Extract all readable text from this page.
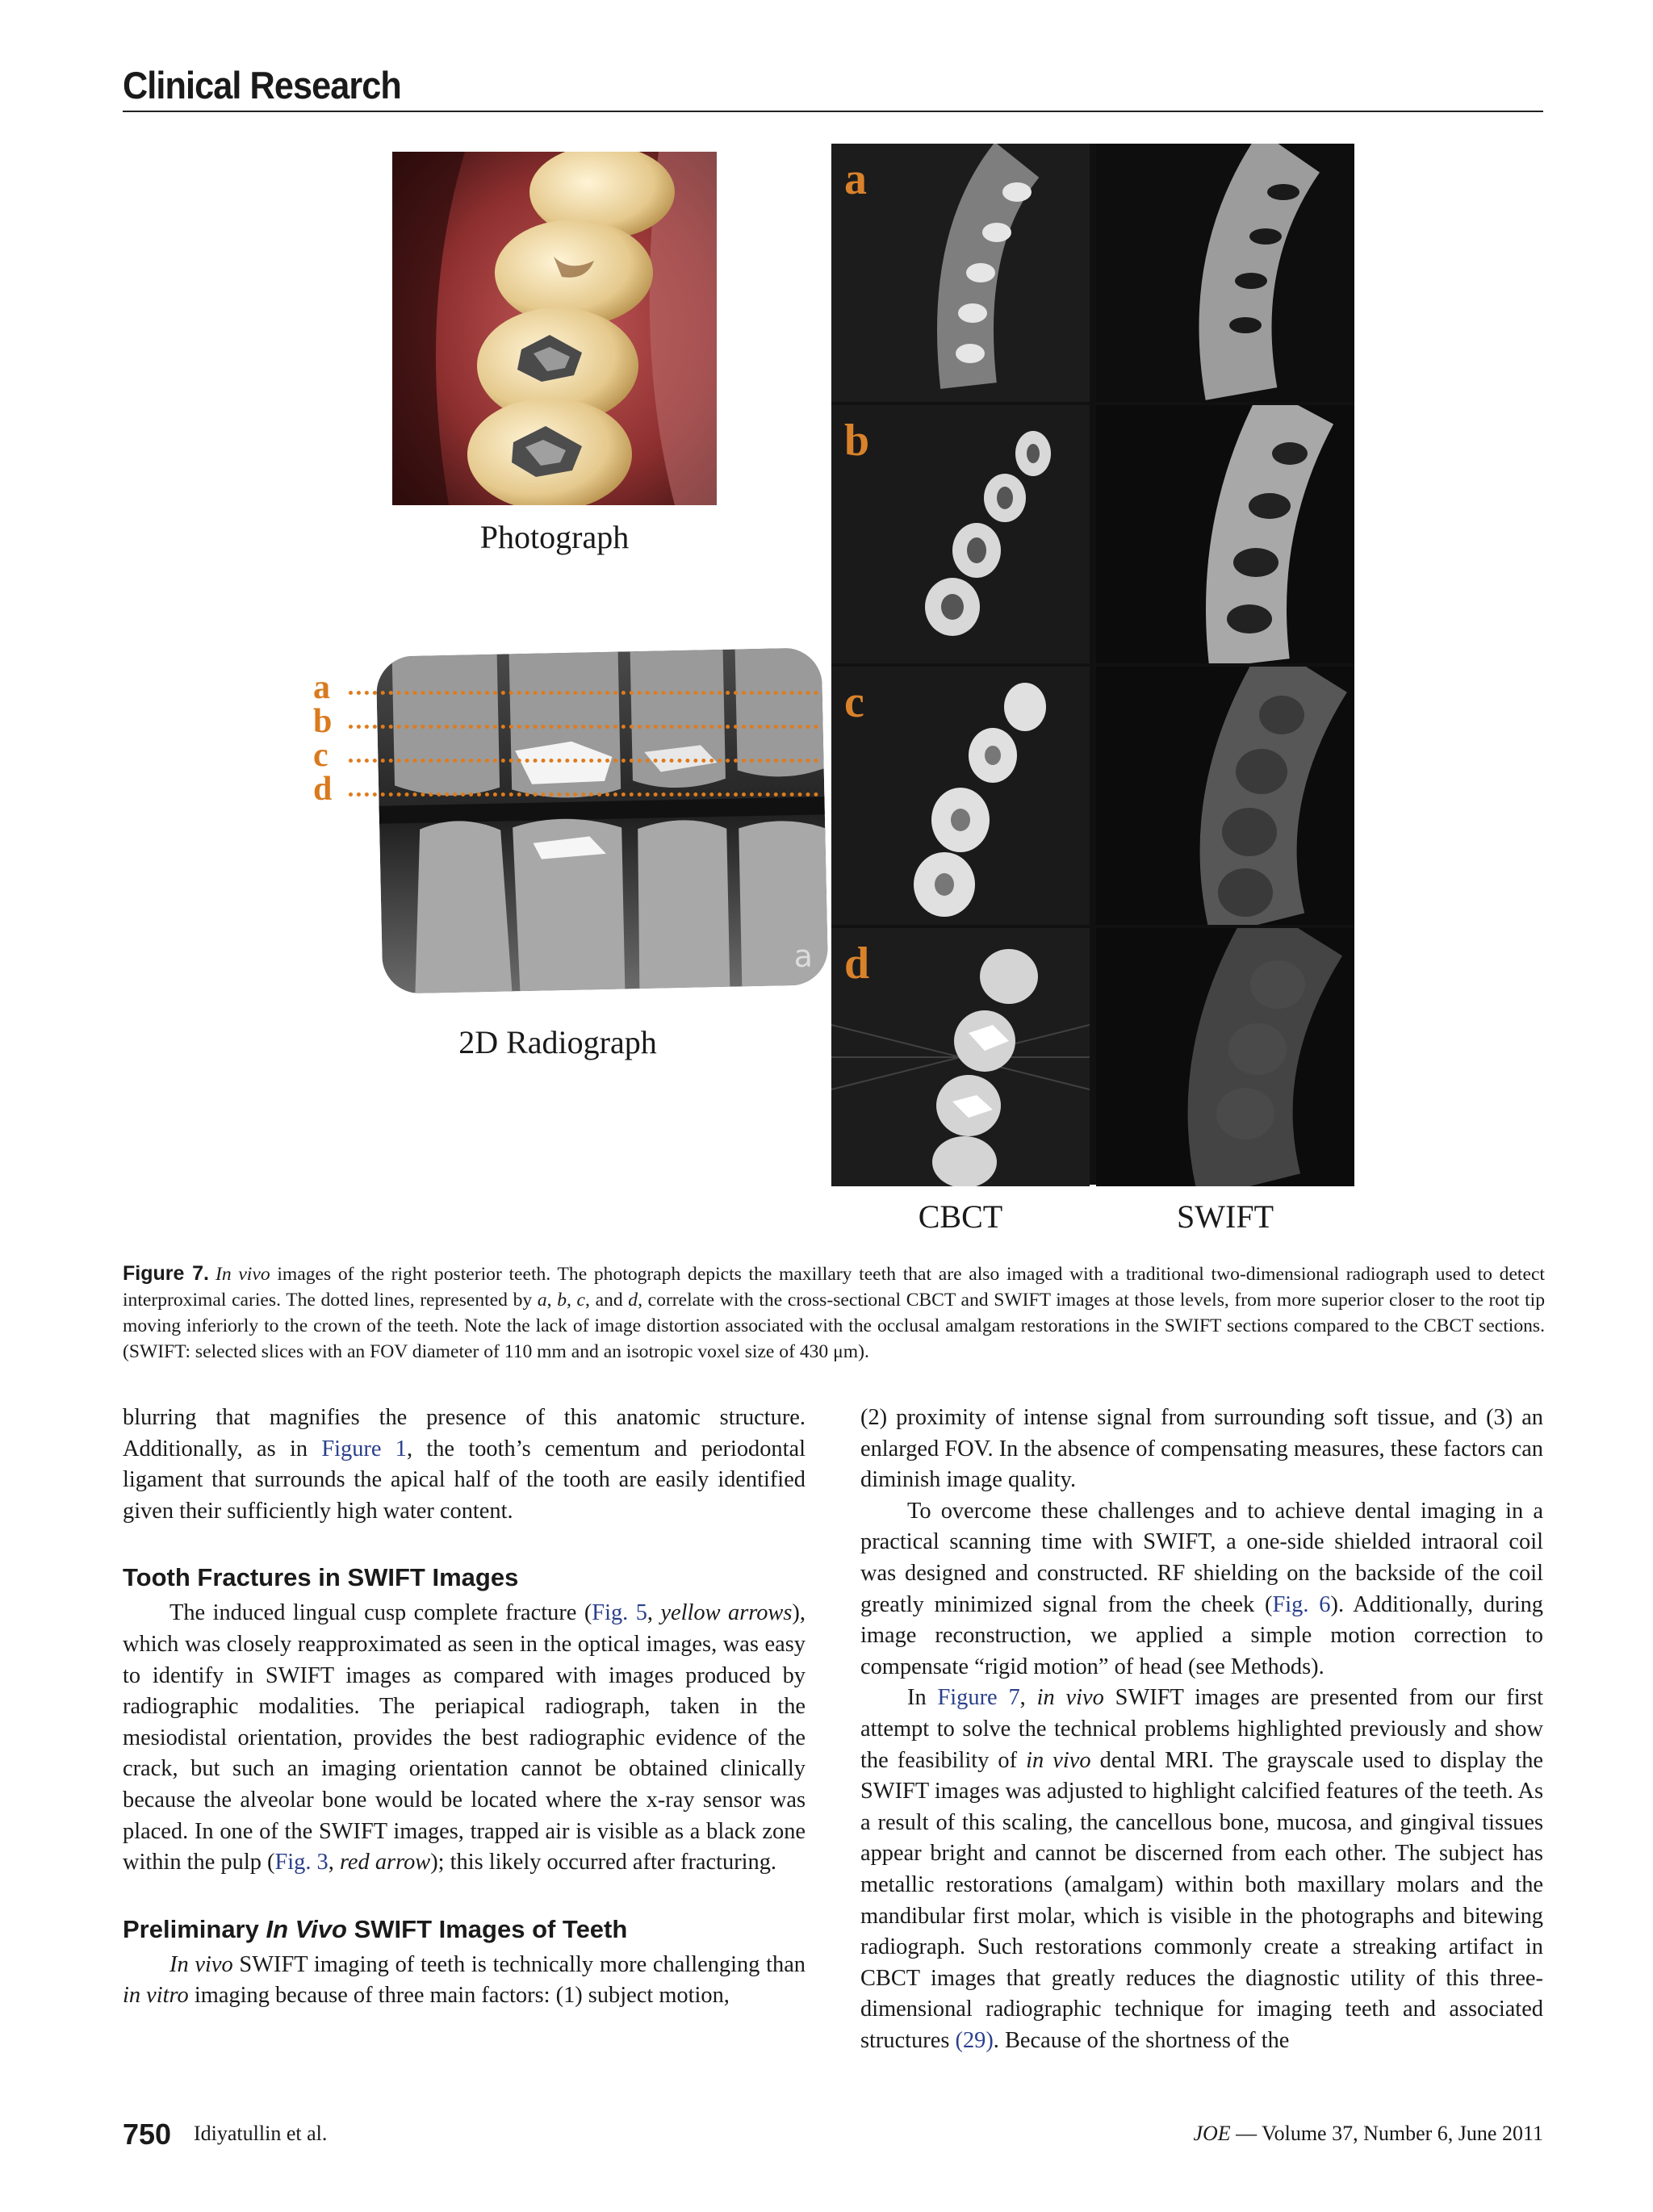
Clinical Research
Photograph
a
2D Radiograph
a
b
c
d
a
b
c
d
CBCT	SWIFT
Figure 7. In vivo images of the right posterior teeth. The photograph depicts the maxillary teeth that are also imaged with a traditional two-dimensional radiograph used to detect interproximal caries. The dotted lines, represented by a, b, c, and d, correlate with the cross-sectional CBCT and SWIFT images at those levels, from more superior closer to the root tip moving inferiorly to the crown of the teeth. Note the lack of image distortion associated with the occlusal amalgam restorations in the SWIFT sections compared to the CBCT sections. (SWIFT: selected slices with an FOV diameter of 110 mm and an isotropic voxel size of 430 μm).

blurring that magnifies the presence of this anatomic structure. Additionally, as in Figure 1, the tooth’s cementum and periodontal ligament that surrounds the apical half of the tooth are easily identified given their sufficiently high water content.

Tooth Fractures in SWIFT Images

The induced lingual cusp complete fracture (Fig. 5, yellow arrows), which was closely reapproximated as seen in the optical images, was easy to identify in SWIFT images as compared with images produced by radiographic modalities. The periapical radiograph, taken in the mesiodistal orientation, provides the best radiographic evidence of the crack, but such an imaging orientation cannot be obtained clinically because the alveolar bone would be located where the x-ray sensor was placed. In one of the SWIFT images, trapped air is visible as a black zone within the pulp (Fig. 3, red arrow); this likely occurred after fracturing.

Preliminary In Vivo SWIFT Images of Teeth

In vivo SWIFT imaging of teeth is technically more challenging than in vitro imaging because of three main factors: (1) subject motion,

(2) proximity of intense signal from surrounding soft tissue, and (3) an enlarged FOV. In the absence of compensating measures, these factors can diminish image quality.

To overcome these challenges and to achieve dental imaging in a practical scanning time with SWIFT, a one-side shielded intraoral coil was designed and constructed. RF shielding on the backside of the coil greatly minimized signal from the cheek (Fig. 6). Additionally, during image reconstruction, we applied a simple motion correction to compensate “rigid motion” of head (see Methods).

In Figure 7, in vivo SWIFT images are presented from our first attempt to solve the technical problems highlighted previously and show the feasibility of in vivo dental MRI. The grayscale used to display the SWIFT images was adjusted to highlight calcified features of the teeth. As a result of this scaling, the cancellous bone, mucosa, and gingival tissues appear bright and cannot be discerned from each other. The subject has metallic restorations (amalgam) within both maxillary molars and the mandibular first molar, which is visible in the photographs and bitewing radiograph. Such restorations commonly create a streaking artifact in CBCT images that greatly reduces the diagnostic utility of this three-dimensional radiographic technique for imaging teeth and associated structures (29). Because of the shortness of the

750 Idiyatullin et al.	JOE — Volume 37, Number 6, June 2011
